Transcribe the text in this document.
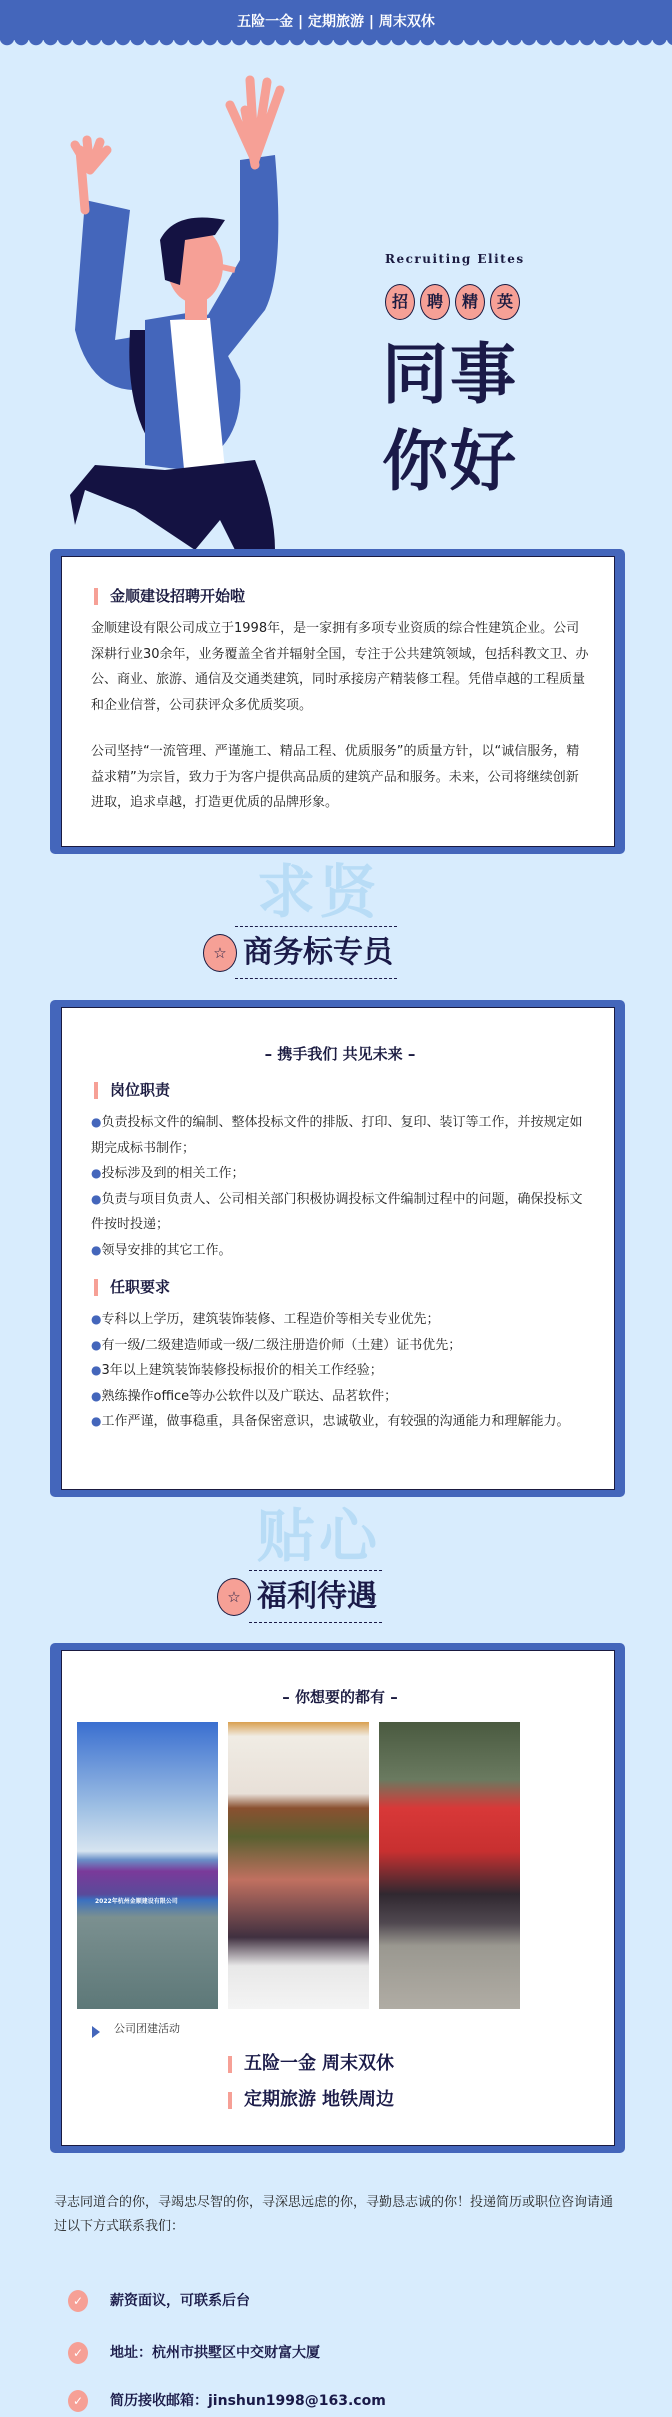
五险一金 | 定期旅游 | 周末双休
Recruiting Elites
招	聘	精	英
同事
你好
金顺建设招聘开始啦
金顺建设有限公司成立于1998年，是一家拥有多项专业资质的综合性建筑企业。公司深耕行业30余年，业务覆盖全省并辐射全国，专注于公共建筑领域，包括科教文卫、办公、商业、旅游、通信及交通类建筑，同时承接房产精装修工程。凭借卓越的工程质量和企业信誉，公司获评众多优质奖项。
公司坚持“一流管理、严谨施工、精品工程、优质服务”的质量方针，以“诚信服务，精益求精”为宗旨，致力于为客户提供高品质的建筑产品和服务。未来，公司将继续创新进取，追求卓越，打造更优质的品牌形象。
求贤
☆ 商务标专员
– 携手我们 共见未来 –
岗位职责
●负责投标文件的编制、整体投标文件的排版、打印、复印、装订等工作，并按规定如期完成标书制作；
●投标涉及到的相关工作；
●负责与项目负责人、公司相关部门积极协调投标文件编制过程中的问题，确保投标文件按时投递；
●领导安排的其它工作。
任职要求
●专科以上学历，建筑装饰装修、工程造价等相关专业优先；
●有一级/二级建造师或一级/二级注册造价师（土建）证书优先；
●3年以上建筑装饰装修投标报价的相关工作经验；
●熟练操作office等办公软件以及广联达、品茗软件；
●工作严谨，做事稳重，具备保密意识，忠诚敬业，有较强的沟通能力和理解能力。
贴心
☆ 福利待遇
– 你想要的都有 –
2022年杭州金顺建设有限公司
公司团建活动
五险一金 周末双休
定期旅游 地铁周边
寻志同道合的你，寻竭忠尽智的你，寻深思远虑的你，寻勤恳志诚的你！投递简历或职位咨询请通过以下方式联系我们：
✓	薪资面议，可联系后台
✓	地址：杭州市拱墅区中交财富大厦
✓	简历接收邮箱：jinshun1998@163.com
